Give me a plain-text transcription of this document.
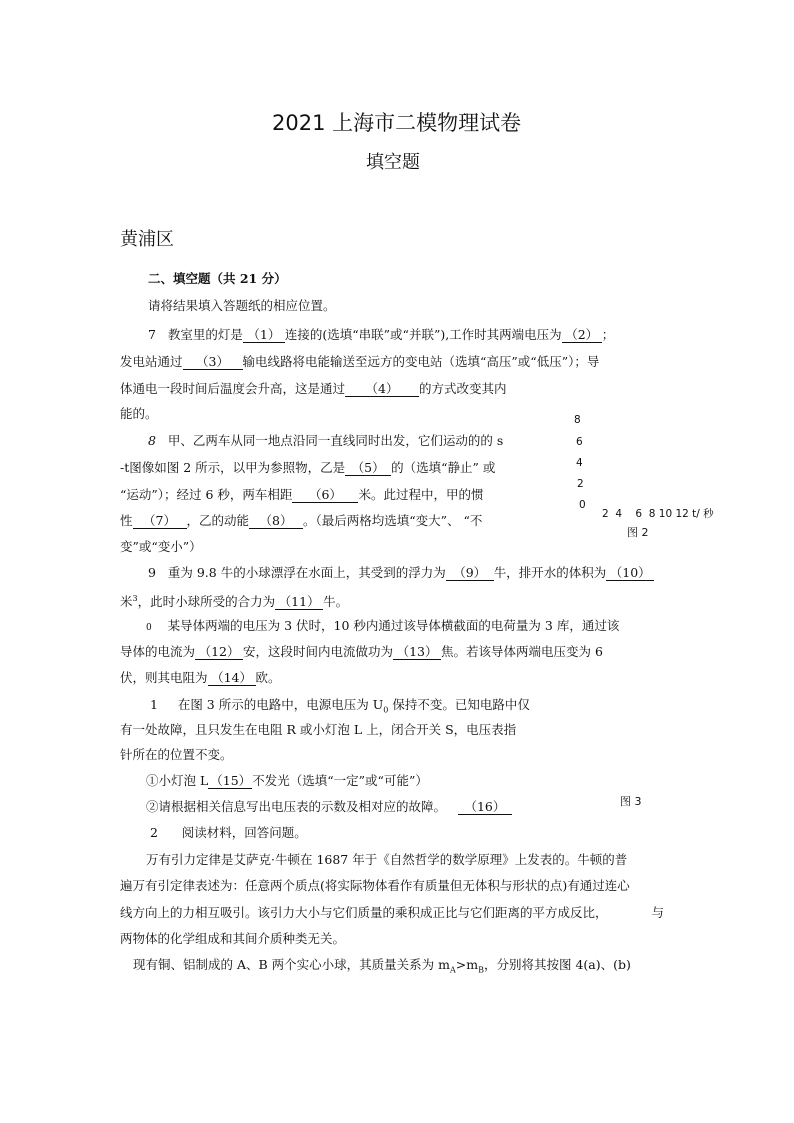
2021 上海市二模物理试卷
填空题
黄浦区
二、填空题（共 21 分）
请将结果填入答题纸的相应位置。
7 教室里的灯是 （1） 连接的(选填“串联”或“并联”),工作时其两端电压为 （2） ；
发电站通过 （3） 输电线路将电能输送至远方的变电站（选填“高压”或“低压”）；导
体通电一段时间后温度会升高，这是通过 （4） 的方式改变其内
能的。
8 甲、乙两车从同一地点沿同一直线同时出发，它们运动的的 s
-t图像如图 2 所示，以甲为参照物，乙是 （5） 的（选填“静止” 或
“运动”）；经过 6 秒，两车相距 （6） 米。此过程中，甲的惯
性 （7） ，乙的动能 （8） 。（最后两格均选填“变大”、 “不
变”或“变小”）
8
6
4
2
0
2  4    6  8 10 12 t/ 秒
图 2
9 重为 9.8 牛的小球漂浮在水面上，其受到的浮力为 （9） 牛，排开水的体积为 （10）
米$^3$，此时小球所受的合力为 （11） 牛。
0 某导体两端的电压为 3 伏时，10 秒内通过该导体横截面的电荷量为 3 库，通过该
导体的电流为 （12） 安，这段时间内电流做功为 （13） 焦。若该导体两端电压变为 6
伏，则其电阻为 （14） 欧。
1 在图 3 所示的电路中，电源电压为 $U_0$ 保持不变。已知电路中仅
有一处故障，且只发生在电阻 R 或小灯泡 L 上，闭合开关 S，电压表指
针所在的位置不变。
①小灯泡 L （15）不发光（选填“一定”或“可能”）
②请根据相关信息写出电压表的示数及相对应的故障。 （16）	图 3
2 阅读材料，回答问题。
万有引力定律是艾萨克·牛顿在 1687 年于《自然哲学的数学原理》上发表的。牛顿的普
遍万有引定律表述为：任意两个质点(将实际物体看作有质量但无体积与形状的点)有通过连心
线方向上的力相互吸引。该引力大小与它们质量的乘积成正比与它们距离的平方成反比，	与
两物体的化学组成和其间介质种类无关。
现有铜、铝制成的 A、B 两个实心小球，其质量关系为 $m_A>m_B$，分别将其按图 4(a)、(b)
